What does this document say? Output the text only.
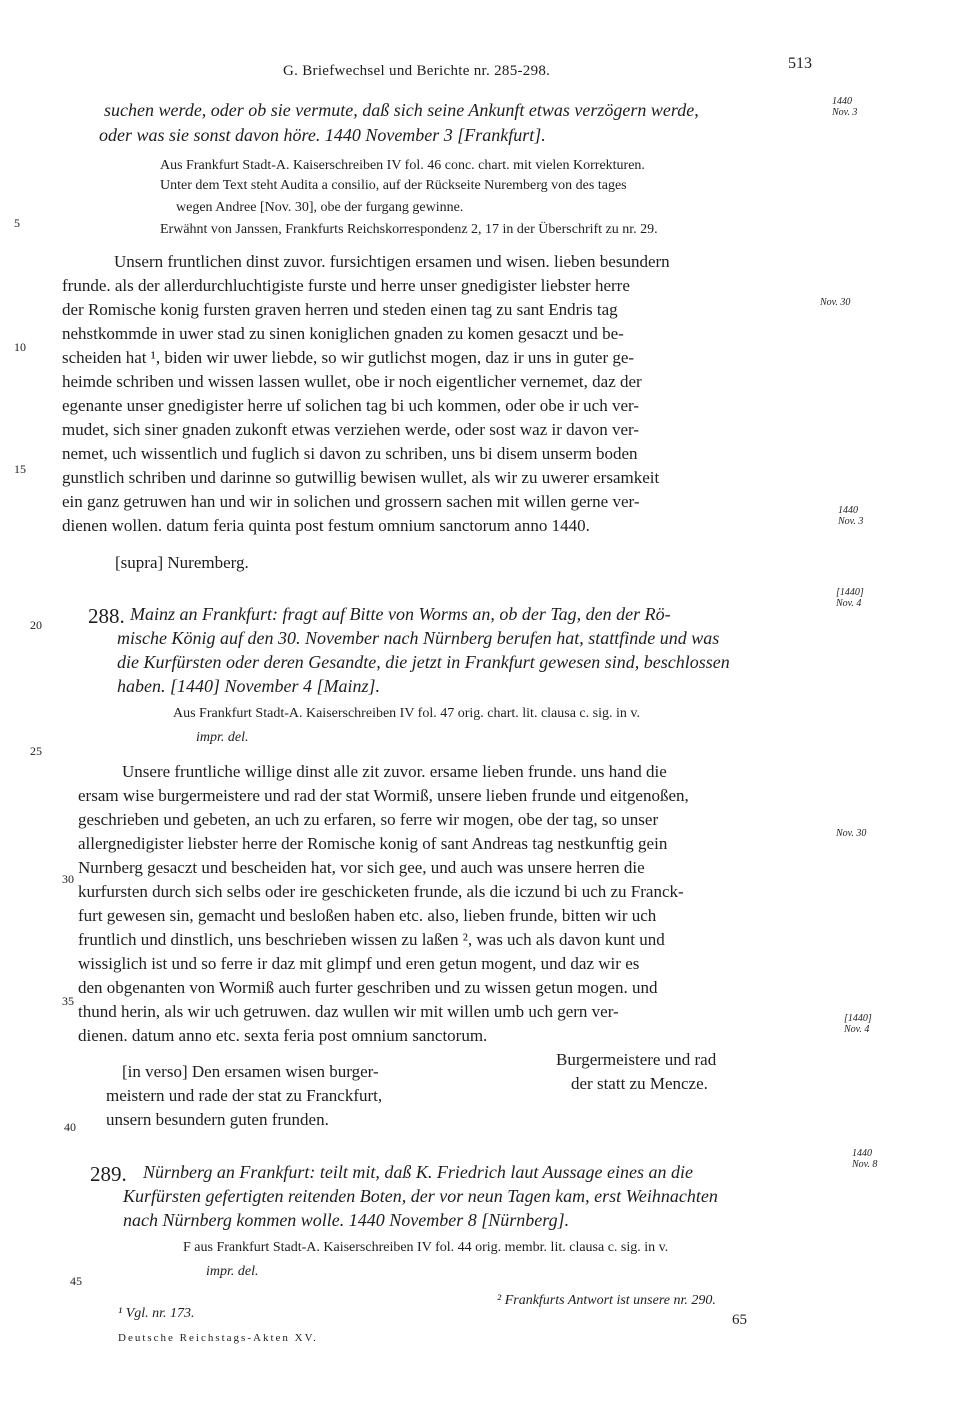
G. Briefwechsel und Berichte nr. 285-298.	513
suchen werde, oder ob sie vermute, daß sich seine Ankunft etwas verzögern werde,
oder was sie sonst davon höre. 1440 November 3 [Frankfurt].
Aus Frankfurt Stadt-A. Kaiserschreiben IV fol. 46 conc. chart. mit vielen Korrekturen.
Unter dem Text steht Audita a consilio, auf der Rückseite Nuremberg von des tages
wegen Andree [Nov. 30], obe der furgang gewinne.
Erwähnt von Janssen, Frankfurts Reichskorrespondenz 2, 17 in der Überschrift zu nr. 29.
Unsern fruntlichen dinst zuvor. fursichtigen ersamen und wisen. lieben besundern
frunde. als der allerdurchluchtigiste furste und herre unser gnedigister liebster herre
der Romische konig fursten graven herren und steden einen tag zu sant Endris tag
nehstkommde in uwer stad zu sinen koniglichen gnaden zu komen gesaczt und be-
scheiden hat ¹, biden wir uwer liebde, so wir gutlichst mogen, daz ir uns in guter ge-
heimde schriben und wissen lassen wullet, obe ir noch eigentlicher vernemet, daz der
egenante unser gnedigister herre uf solichen tag bi uch kommen, oder obe ir uch ver-
mudet, sich siner gnaden zukonft etwas verziehen werde, oder sost waz ir davon ver-
nemet, uch wissentlich und fuglich si davon zu schriben, uns bi disem unserm boden
gunstlich schriben und darinne so gutwillig bewisen wullet, als wir zu uwerer ersamkeit
ein ganz getruwen han und wir in solichen und grossern sachen mit willen gerne ver-
dienen wollen. datum feria quinta post festum omnium sanctorum anno 1440.
[supra] Nuremberg.
288. Mainz an Frankfurt: fragt auf Bitte von Worms an, ob der Tag, den der Rö-
mische König auf den 30. November nach Nürnberg berufen hat, stattfinde und was
die Kurfürsten oder deren Gesandte, die jetzt in Frankfurt gewesen sind, beschlossen
haben. [1440] November 4 [Mainz].
Aus Frankfurt Stadt-A. Kaiserschreiben IV fol. 47 orig. chart. lit. clausa c. sig. in v.
impr. del.
Unsere fruntliche willige dinst alle zit zuvor. ersame lieben frunde. uns hand die
ersam wise burgermeistere und rad der stat Wormiß, unsere lieben frunde und eitgenoßen,
geschrieben und gebeten, an uch zu erfaren, so ferre wir mogen, obe der tag, so unser
allergnedigister liebster herre der Romische konig of sant Andreas tag nestkunftig gein
Nurnberg gesaczt und bescheiden hat, vor sich gee, und auch was unsere herren die
kurfursten durch sich selbs oder ire geschicketen frunde, als die iczund bi uch zu Franck-
furt gewesen sin, gemacht und besloßen haben etc. also, lieben frunde, bitten wir uch
fruntlich und dinstlich, uns beschrieben wissen zu laßen ², was uch als davon kunt und
wissiglich ist und so ferre ir daz mit glimpf und eren getun mogent, und daz wir es
den obgenanten von Wormiß auch furter geschriben und zu wissen getun mogen. und
thund herin, als wir uch getruwen. daz wullen wir mit willen umb uch gern ver-
dienen. datum anno etc. sexta feria post omnium sanctorum.
[in verso] Den ersamen wisen burger-
meistern und rade der stat zu Franckfurt,
unsern besundern guten frunden.
Burgermeistere und rad
der statt zu Mencze.
289. Nürnberg an Frankfurt: teilt mit, daß K. Friedrich laut Aussage eines an die
Kurfürsten gefertigten reitenden Boten, der vor neun Tagen kam, erst Weihnachten
nach Nürnberg kommen wolle. 1440 November 8 [Nürnberg].
F aus Frankfurt Stadt-A. Kaiserschreiben IV fol. 44 orig. membr. lit. clausa c. sig. in v.
impr. del.
1440
Nov. 3
Nov. 30
1440
Nov. 3
[1440]
Nov. 4
Nov. 30
[1440]
Nov. 4
1440
Nov. 8
5
10
15
20
25
30
35
40
45
¹ Vgl. nr. 173.
² Frankfurts Antwort ist unsere nr. 290.
Deutsche Reichstags-Akten XV.
65
